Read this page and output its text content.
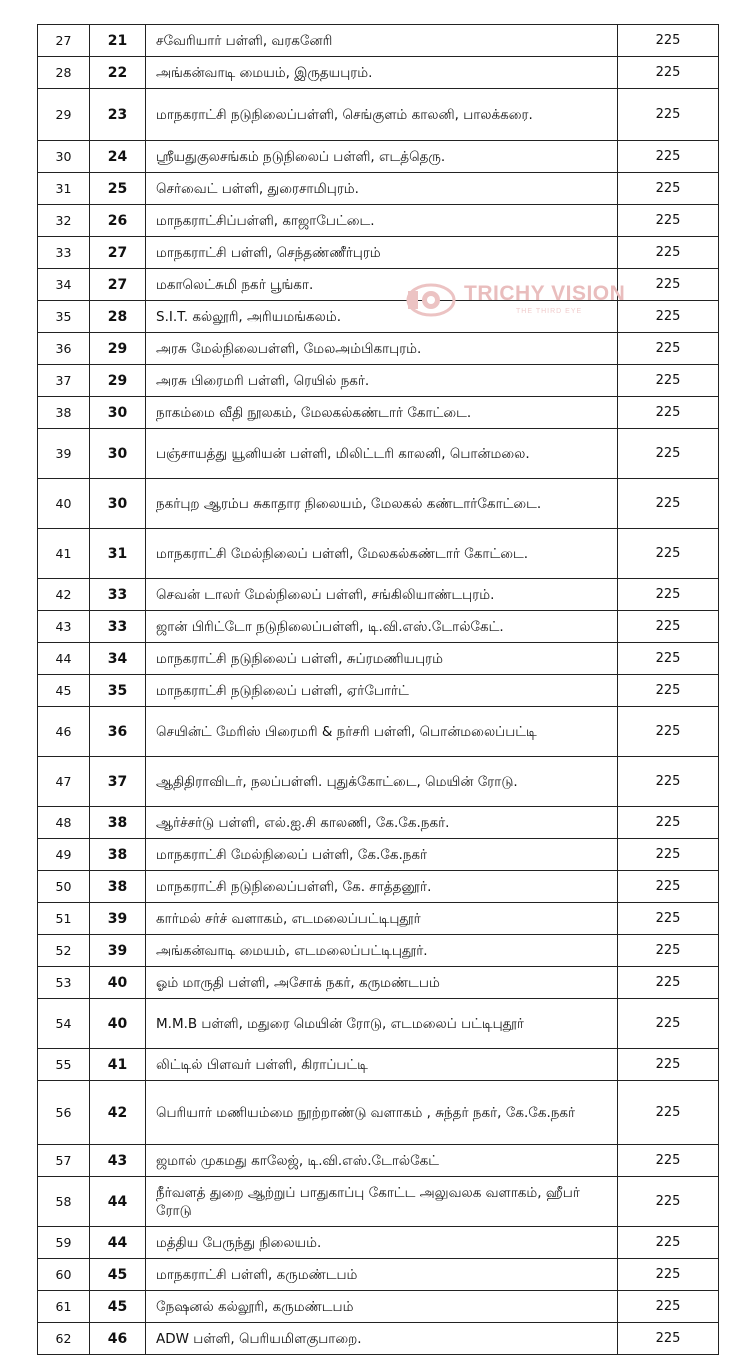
27	21	சவேரியார் பள்ளி, வரகனேரி	225
28	22	அங்கன்வாடி மையம், இருதயபுரம்.	225
29	23	மாநகராட்சி நடுநிலைப்பள்ளி, செங்குளம் காலனி, பாலக்கரை.	225
30	24	ஸ்ரீயதுகுலசங்கம் நடுநிலைப் பள்ளி, எடத்தெரு.	225
31	25	செர்வைட் பள்ளி, துரைசாமிபுரம்.	225
32	26	மாநகராட்சிப்பள்ளி, காஜாபேட்டை.	225
33	27	மாநகராட்சி பள்ளி, செந்தண்ணீர்புரம்	225
34	27	மகாலெட்சுமி நகர் பூங்கா.	225
35	28	S.I.T. கல்லூரி, அரியமங்கலம்.	225
36	29	அரசு மேல்நிலைபள்ளி, மேலஅம்பிகாபுரம்.	225
37	29	அரசு பிரைமரி பள்ளி, ரெயில் நகர்.	225
38	30	நாகம்மை வீதி நூலகம், மேலகல்கண்டார் கோட்டை.	225
39	30	பஞ்சாயத்து யூனியன் பள்ளி, மிலிட்டரி காலனி, பொன்மலை.	225
40	30	நகர்புற ஆரம்ப சுகாதார நிலையம், மேலகல் கண்டார்கோட்டை.	225
41	31	மாநகராட்சி மேல்நிலைப் பள்ளி, மேலகல்கண்டார் கோட்டை.	225
42	33	செவன் டாலர் மேல்நிலைப் பள்ளி, சங்கிலியாண்டபுரம்.	225
43	33	ஜான் பிரிட்டோ நடுநிலைப்பள்ளி, டி.வி.எஸ்.டோல்கேட்.	225
44	34	மாநகராட்சி நடுநிலைப் பள்ளி, சுப்ரமணியபுரம்	225
45	35	மாநகராட்சி நடுநிலைப் பள்ளி, ஏர்போர்ட்	225
46	36	செயின்ட் மேரிஸ் பிரைமரி & நர்சரி பள்ளி, பொன்மலைப்பட்டி	225
47	37	ஆதிதிராவிடர், நலப்பள்ளி. புதுக்கோட்டை, மெயின் ரோடு.	225
48	38	ஆர்ச்சர்டு பள்ளி, எல்.ஐ.சி காலணி, கே.கே.நகர்.	225
49	38	மாநகராட்சி மேல்நிலைப் பள்ளி, கே.கே.நகர்	225
50	38	மாநகராட்சி நடுநிலைப்பள்ளி, கே. சாத்தனூர்.	225
51	39	கார்மல் சர்ச் வளாகம், எடமலைப்பட்டிபுதூர்	225
52	39	அங்கன்வாடி மையம், எடமலைப்பட்டிபுதூர்.	225
53	40	ஓம் மாருதி பள்ளி, அசோக் நகர், கருமண்டபம்	225
54	40	M.M.B பள்ளி, மதுரை மெயின் ரோடு, எடமலைப் பட்டிபுதூர்	225
55	41	லிட்டில் பிளவர் பள்ளி, கிராப்பட்டி	225
56	42	பெரியார் மணியம்மை நூற்றாண்டு வளாகம் , சுந்தர் நகர், கே.கே.நகர்	225
57	43	ஜமால் முகமது காலேஜ், டி.வி.எஸ்.டோல்கேட்	225
58	44	நீர்வளத் துறை ஆற்றுப் பாதுகாப்பு கோட்ட அலுவலக வளாகம், ஹீபர் ரோடு	225
59	44	மத்திய பேருந்து நிலையம்.	225
60	45	மாநகராட்சி பள்ளி, கருமண்டபம்	225
61	45	நேஷனல் கல்லூரி, கருமண்டபம்	225
62	46	ADW பள்ளி, பெரியமிளகுபாறை.	225
TRICHY VISION
THE THIRD EYE
